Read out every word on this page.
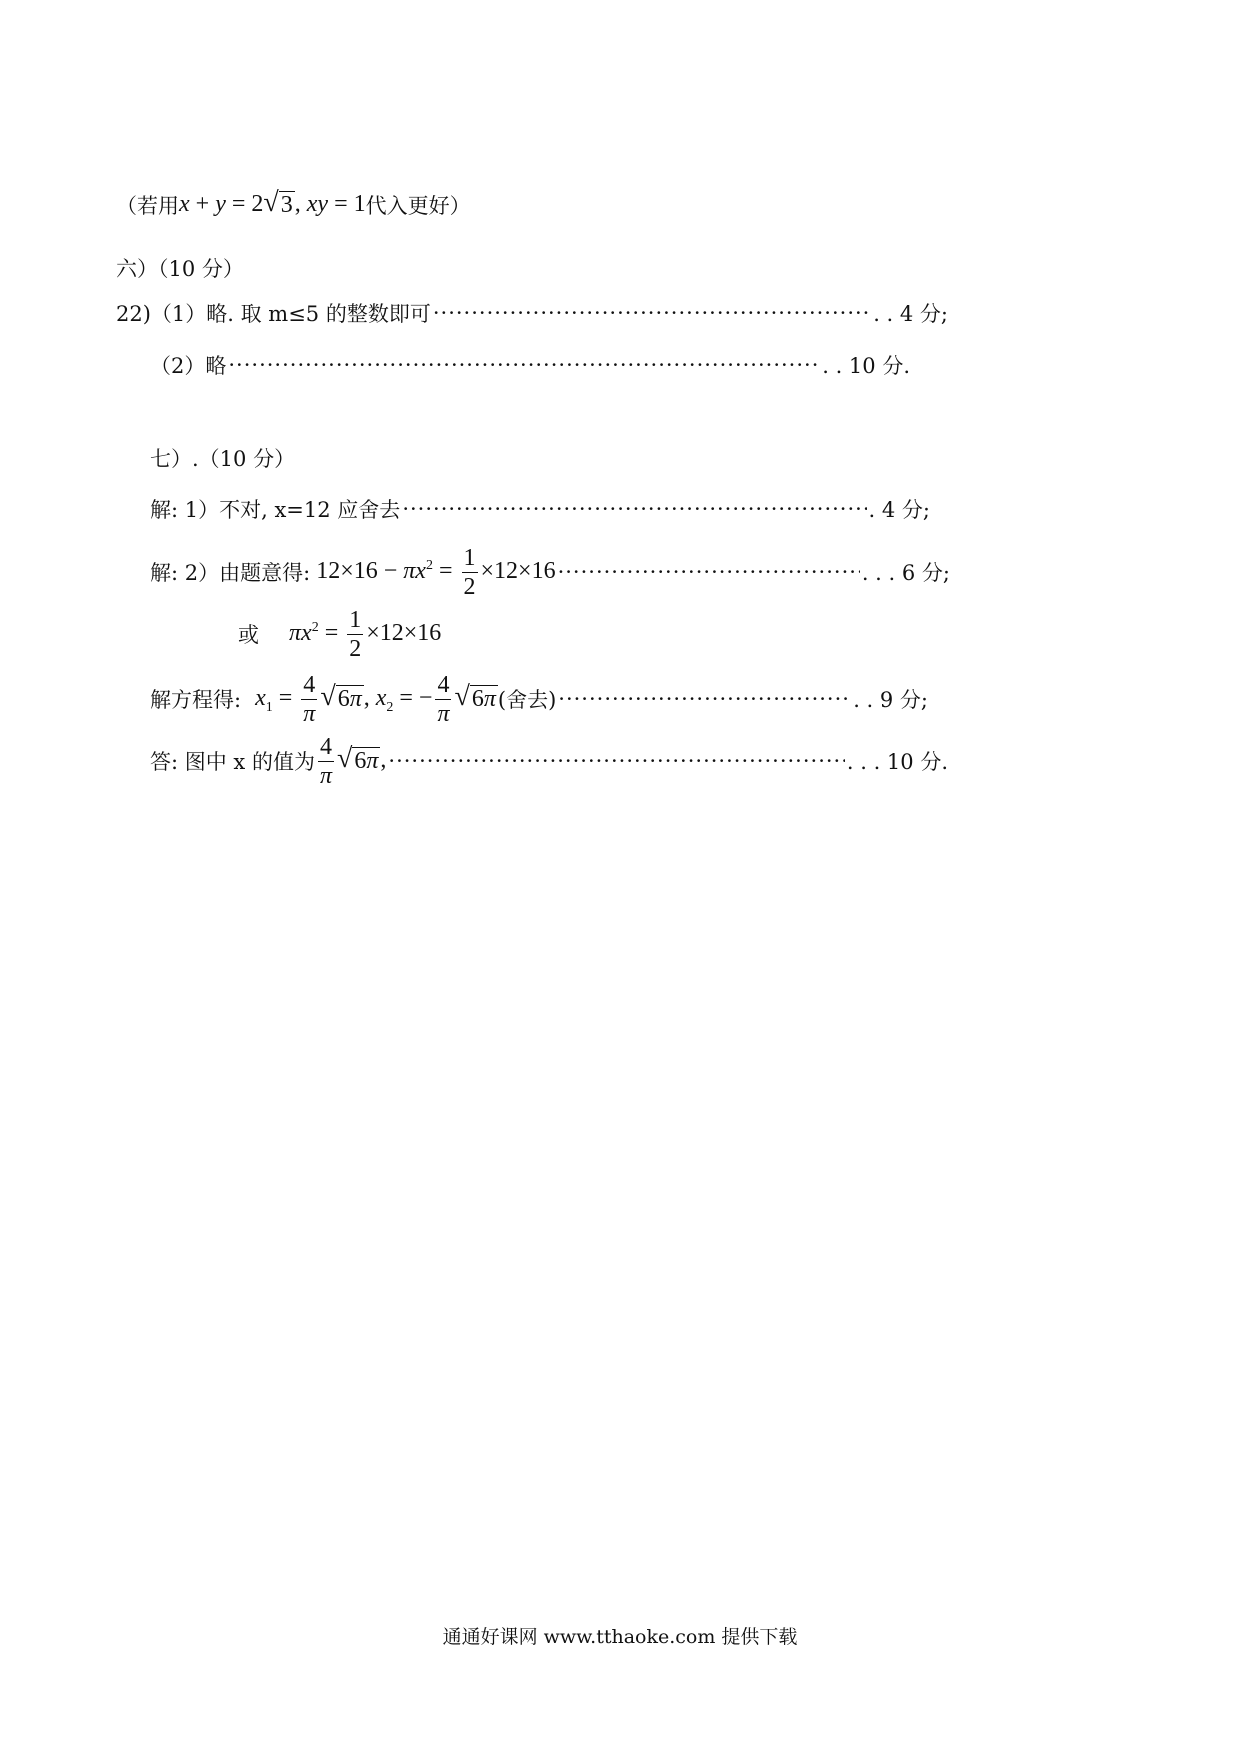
（若用 x + y = 2 √ 3 , xy = 1 代入更好）
六）（10 分）
22)（1）略. 取 m≤5 的整数即可 ·····	. . 4 分;
（2）略 ·····	. . 10 分.
七）.（10 分）
解: 1）不对, x=12 应舍去 ·····	. 4 分;
解: 2）由题意得: $12\times 16 - \pi x^2 = \frac{1}{2} \times 12\times 16$ ·····	. . . 6 分;
或 $\pi x^2 = \frac{1}{2} \times 12\times 16$
解方程得: $x_1 = \frac{4}{\pi}$ √ 6π , $x_2$ = − $\frac{4}{\pi}$ √ 6π (舍去) ·····	. . 9 分;
答: 图中 x 的值为 $\frac{4}{\pi}$ √ 6π , ·····	. . . 10 分.
通通好课网 www.tthaoke.com 提供下载
